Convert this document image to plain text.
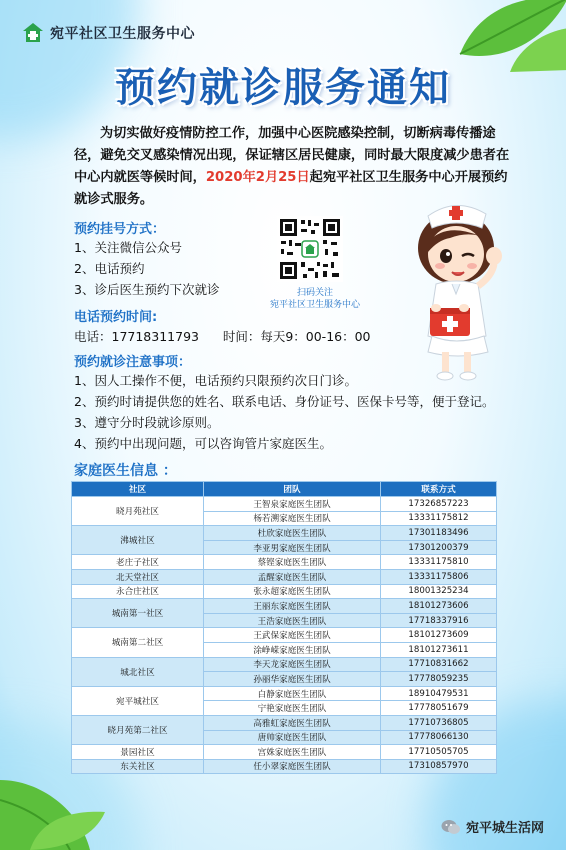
宛平社区卫生服务中心
预约就诊服务通知
为切实做好疫情防控工作，加强中心医院感染控制，切断病毒传播途径，避免交叉感染情况出现，保证辖区居民健康，同时最大限度减少患者在中心内就医等候时间，2020年2月25日起宛平社区卫生服务中心开展预约就诊式服务。
预约挂号方式：
1、关注微信公众号
2、电话预约
3、诊后医生预约下次就诊	扫码关注
宛平社区卫生服务中心
电话预约时间:
电话：17718311793      时间：每天9：00-16：00
预约就诊注意事项：
1、因人工操作不便，电话预约只限预约次日门诊。
2、预约时请提供您的姓名、联系电话、身份证号、医保卡号等，便于登记。
3、遵守分时段就诊原则。
4、预约中出现问题，可以咨询管片家庭医生。
家庭医生信息 ：
社区	团队	联系方式
晓月苑社区	王智泉家庭医生团队	17326857223
	杨若溯家庭医生团队	13331175812
沸城社区	杜欣家庭医生团队	17301183496
	李亚男家庭医生团队	17301200379
老庄子社区	蔡铿家庭医生团队	13331175810
北天堂社区	孟醒家庭医生团队	13331175806
永合庄社区	张永超家庭医生团队	18001325234
城南第一社区	王丽东家庭医生团队	18101273606
	王浩家庭医生团队	17718337916
城南第二社区	王武保家庭医生团队	18101273609
	涂峥嵘家庭医生团队	18101273611
城北社区	李天龙家庭医生团队	17710831662
	孙丽华家庭医生团队	17778059235
宛平城社区	白静家庭医生团队	18910479531
	宁艳家庭医生团队	17778051679
晓月苑第二社区	高雅虹家庭医生团队	17710736805
	唐帅家庭医生团队	17778066130
景园社区	宫姝家庭医生团队	17710505705
东关社区	任小翠家庭医生团队	17310857970
宛平城生活网
